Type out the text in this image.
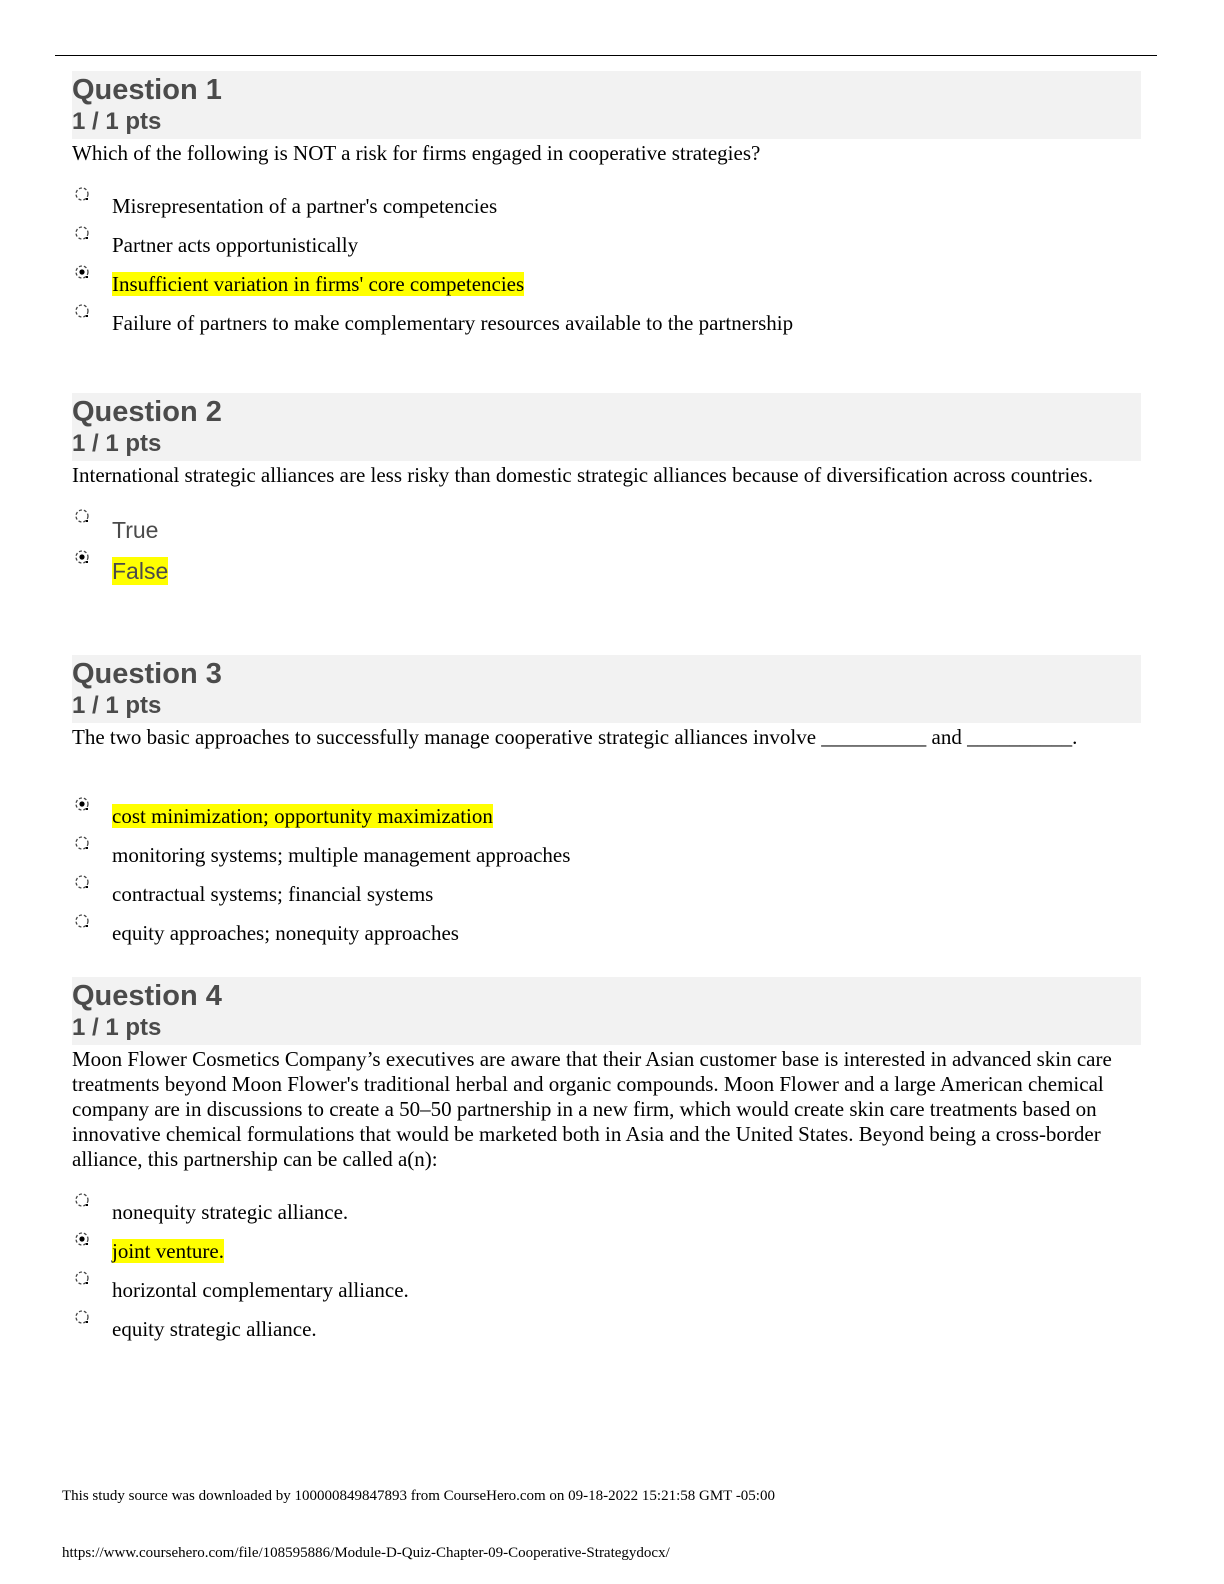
Question 1
1 / 1 pts
Which of the following is NOT a risk for firms engaged in cooperative strategies?
Misrepresentation of a partner's competencies
Partner acts opportunistically
Insufficient variation in firms' core competencies
Failure of partners to make complementary resources available to the partnership
Question 2
1 / 1 pts
International strategic alliances are less risky than domestic strategic alliances because of diversification across countries.
True
False
Question 3
1 / 1 pts
The two basic approaches to successfully manage cooperative strategic alliances involve __________ and __________.
cost minimization; opportunity maximization
monitoring systems; multiple management approaches
contractual systems; financial systems
equity approaches; nonequity approaches
Question 4
1 / 1 pts
Moon Flower Cosmetics Company’s executives are aware that their Asian customer base is interested in advanced skin care treatments beyond Moon Flower's traditional herbal and organic compounds. Moon Flower and a large American chemical company are in discussions to create a 50–50 partnership in a new firm, which would create skin care treatments based on innovative chemical formulations that would be marketed both in Asia and the United States. Beyond being a cross-border alliance, this partnership can be called a(n):
nonequity strategic alliance.
joint venture.
horizontal complementary alliance.
equity strategic alliance.
This study source was downloaded by 100000849847893 from CourseHero.com on 09-18-2022 15:21:58 GMT -05:00
https://www.coursehero.com/file/108595886/Module-D-Quiz-Chapter-09-Cooperative-Strategydocx/
